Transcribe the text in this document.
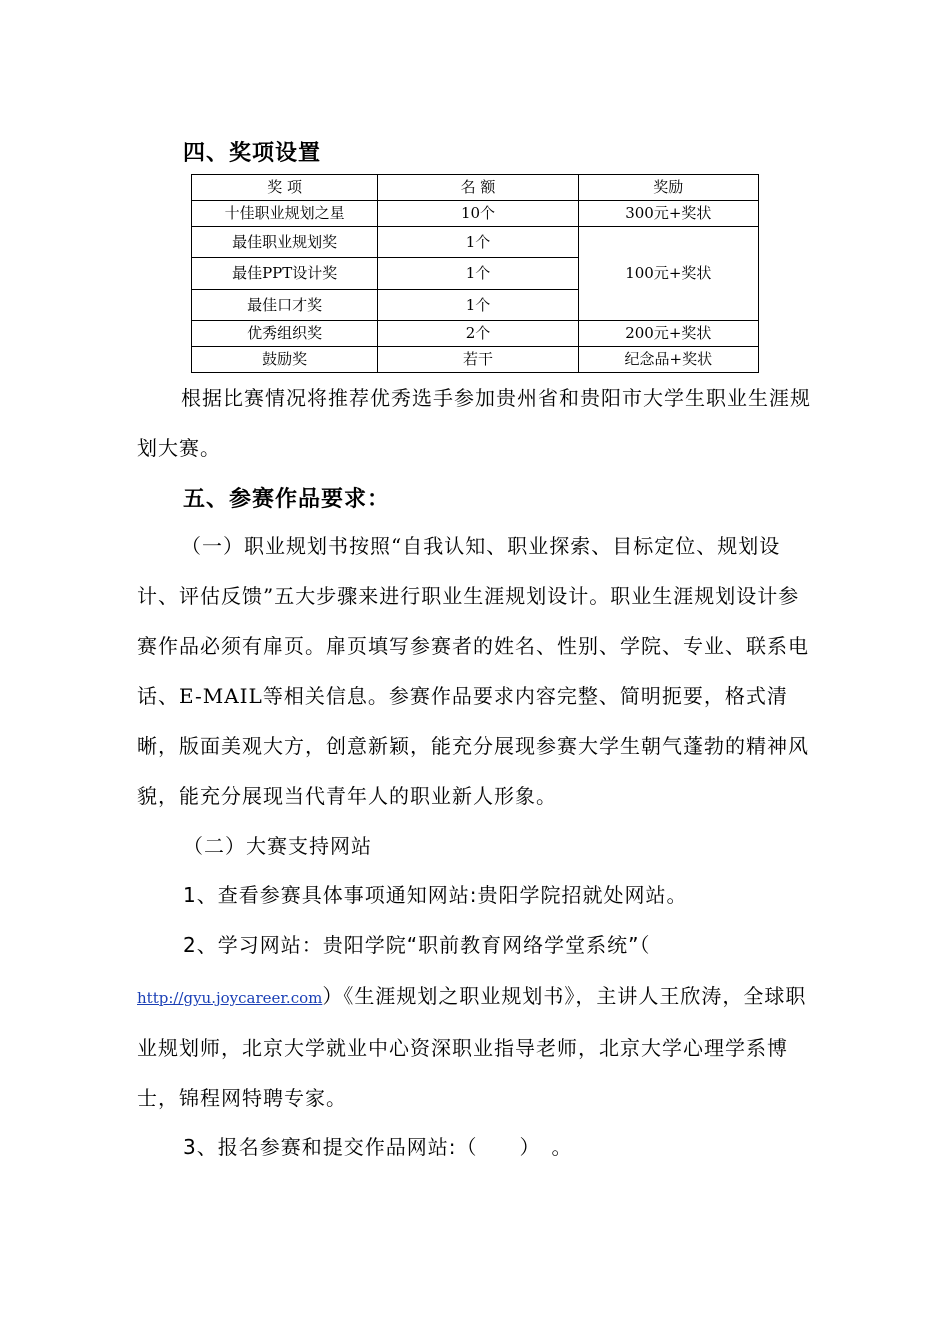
四、奖项设置
奖 项	名 额	奖励
十佳职业规划之星	10个	300元+奖状
最佳职业规划奖	1个	100元+奖状
最佳PPT设计奖	1个	
最佳口才奖	1个	
优秀组织奖	2个	200元+奖状
鼓励奖	若干	纪念品+奖状

根据比赛情况将推荐优秀选手参加贵州省和贵阳市大学生职业生涯规划大赛。

五、参赛作品要求：

（一）职业规划书按照“自我认知、职业探索、目标定位、规划设计、评估反馈”五大步骤来进行职业生涯规划设计。职业生涯规划设计参赛作品必须有扉页。扉页填写参赛者的姓名、性别、学院、专业、联系电话、E-MAIL等相关信息。参赛作品要求内容完整、简明扼要，格式清晰，版面美观大方，创意新颖，能充分展现参赛大学生朝气蓬勃的精神风貌，能充分展现当代青年人的职业新人形象。

（二）大赛支持网站
1、查看参赛具体事项通知网站:贵阳学院招就处网站。
2、学习网站：贵阳学院“职前教育网络学堂系统”（

http://gyu.joycareer.com）《生涯规划之职业规划书》，主讲人王欣涛，全球职业规划师，北京大学就业中心资深职业指导老师，北京大学心理学系博士，锦程网特聘专家。

3、报名参赛和提交作品网站:（　　）　。
